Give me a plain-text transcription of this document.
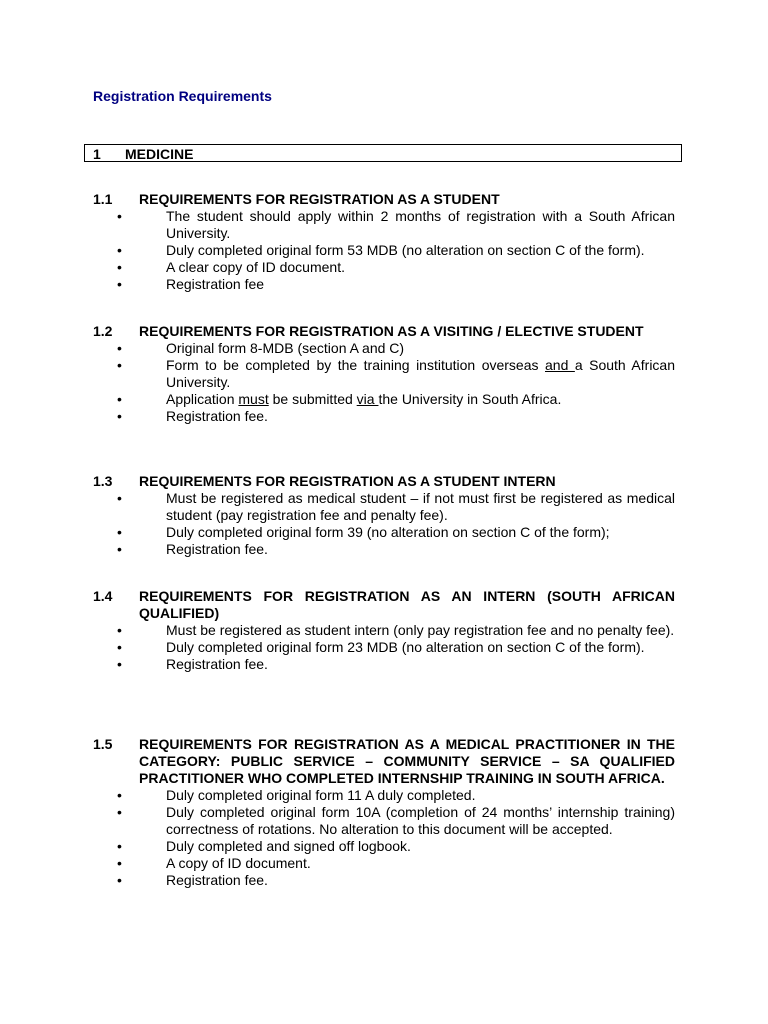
Registration Requirements
1 MEDICINE
1.1 REQUIREMENTS FOR REGISTRATION AS A STUDENT
• The student should apply within 2 months of registration with a South African University.
• Duly completed original form 53 MDB (no alteration on section C of the form).
• A clear copy of ID document.
• Registration fee
1.2 REQUIREMENTS FOR REGISTRATION AS A VISITING / ELECTIVE STUDENT
• Original form 8-MDB (section A and C)
• Form to be completed by the training institution overseas and a South African University.
• Application must be submitted via the University in South Africa.
• Registration fee.
1.3 REQUIREMENTS FOR REGISTRATION AS A STUDENT INTERN
• Must be registered as medical student – if not must first be registered as medical student (pay registration fee and penalty fee).
• Duly completed original form 39 (no alteration on section C of the form);
• Registration fee.
1.4 REQUIREMENTS FOR REGISTRATION AS AN INTERN (SOUTH AFRICAN QUALIFIED)
• Must be registered as student intern (only pay registration fee and no penalty fee).
• Duly completed original form 23 MDB (no alteration on section C of the form).
• Registration fee.
1.5 REQUIREMENTS FOR REGISTRATION AS A MEDICAL PRACTITIONER IN THE CATEGORY: PUBLIC SERVICE – COMMUNITY SERVICE – SA QUALIFIED PRACTITIONER WHO COMPLETED INTERNSHIP TRAINING IN SOUTH AFRICA.
• Duly completed original form 11 A duly completed.
• Duly completed original form 10A (completion of 24 months’ internship training) correctness of rotations. No alteration to this document will be accepted.
• Duly completed and signed off logbook.
• A copy of ID document.
• Registration fee.
